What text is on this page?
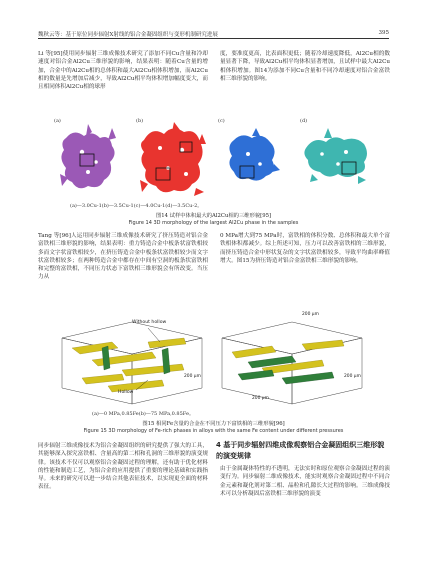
魏秋云等：基于原位同步辐射X射线的铝合金凝固组织与变形机制研究进展	395

Li 等[95]使用同步辐射三维成像技术研究了添加不同Cu含量和冷却速度对铝合金Al2Cu三维形貌的影响，结果表明：随着Cu含量的增加，合金中的Al2Cu相的总体积和最大Al2Cu相体积增加，而Al2Cu相的数量是先增加后减少，导致Al2Cu相平均体积增加幅度变大，而且相同体积Al2Cu相的球形

度，要准度更高，比表面积更低；随着冷却速度降低，Al2Cu相的数量显著下降，导致Al2Cu相平均体积显著增加，且试样中最大Al2Cu相体积增加。图14为添加不同Cu含量和不同冷却速度对铝合金富铁相三维形貌的影响。

(a)	(b)	(c)	(d)
(a)—3.0Cu-1(b)—3.5Cu-1(c)—4.0Cu-1(d)—3.5Cu-2。
图14 试样中体积最大的Al2Cu相的三维形貌[95]
Figure 14 3D morphology of the largest Al2Cu phase in the samples

Tang 等[96]人运用同步辐射三维成像技术研究了挤压铸造对铝合金富铁相三维形貌的影响，结果表明：重力铸造合金中板条状富铁相较多而文字状富铁相较少，在挤压铸造合金中板条状富铁相较少而文字状富铁相较多；在两种铸造合金中都存在中间有空洞的板条状富铁相和完整的富铁相，不同压力状态下富铁相三维形貌会有所改变。当压力从

0 MPa增大到75 MPa时，富铁相的体积分数、总体积和最大单个富铁相体积都减少。综上所述可知，压力可以改善富铁相的三维形貌，而挤压铸造合金中形状复杂的文字状富铁相较多，导致平均曲率峰值增大。图15为挤压铸造对铝合金富铁相三维形貌的影响。

Without hollow
Hollow
200 μm	200 μm
200 μm
200 μm
(a)—0 MPa,0.85Fe(b)—75 MPa,0.85Fe。
图15 相同Fe含量的合金在不同压力下富铁相的三维形貌[96]
Figure 15 3D morphology of Fe-rich phases in alloys with the same Fe content under different pressures

同步辐射三维成像技术为铝合金凝固组织的研究提供了强大的工具，其能够深入探究富铁相、含量高的第二相和孔洞的三维形貌的演变规律。该技术不仅可以观察铝合金凝固过程的理解，还有助于优化材料的性能和制造工艺，为铝合金的应用提供了重要的理论基础和实践指导。未来的研究可以进一步结合其他表征技术，以实现更全面的材料表征。

4 基于同步辐射四维成像观察铝合金凝固组织三维形貌的演变规律

由于金属凝体特性的不透明，无法实时和原位观察合金凝固过程的演变行为。同步辐射二维成像技术，能实时观察合金凝固过程中不同合金元素和凝化剂对第二相、晶粒和孔隙长大过程的影响。三维成像技术可以分析凝固后富铁相三维形貌的演变
